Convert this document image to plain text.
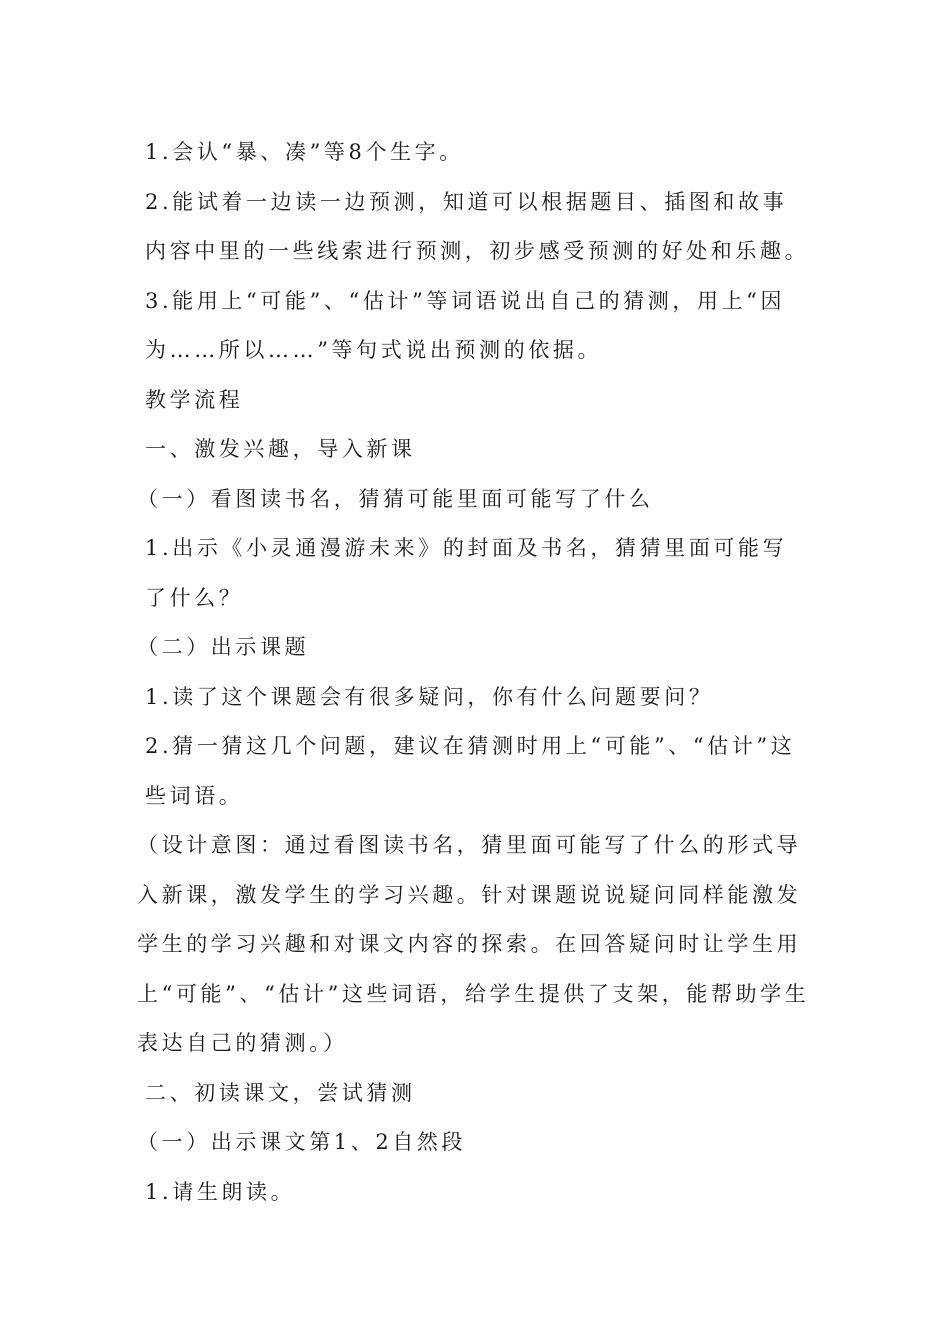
1.会认“暴、凑”等8个生字。

2.能试着一边读一边预测，知道可以根据题目、插图和故事内容中里的一些线索进行预测，初步感受预测的好处和乐趣。

3.能用上“可能”、“估计”等词语说出自己的猜测，用上“因为……所以……”等句式说出预测的依据。

教学流程

一、激发兴趣，导入新课

（一）看图读书名，猜猜可能里面可能写了什么

1.出示《小灵通漫游未来》的封面及书名，猜猜里面可能写了什么？

（二）出示课题

1.读了这个课题会有很多疑问，你有什么问题要问？

2.猜一猜这几个问题，建议在猜测时用上“可能”、“估计”这些词语。

（设计意图：通过看图读书名，猜里面可能写了什么的形式导入新课，激发学生的学习兴趣。针对课题说说疑问同样能激发学生的学习兴趣和对课文内容的探索。在回答疑问时让学生用上“可能”、“估计”这些词语，给学生提供了支架，能帮助学生表达自己的猜测。）

二、初读课文，尝试猜测

（一）出示课文第1、2自然段

1.请生朗读。
